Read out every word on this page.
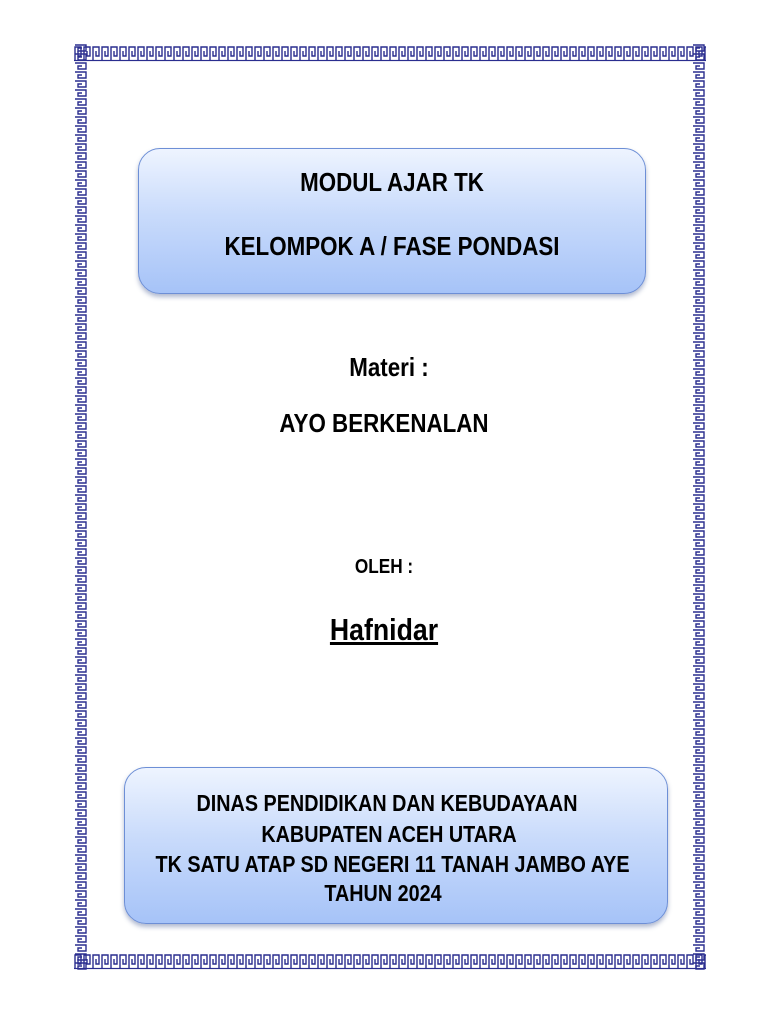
MODUL AJAR TK
KELOMPOK A / FASE PONDASI
Materi :
AYO BERKENALAN
OLEH :
Hafnidar
DINAS PENDIDIKAN DAN KEBUDAYAAN
KABUPATEN ACEH UTARA
TK SATU ATAP SD NEGERI 11 TANAH JAMBO AYE
TAHUN 2024
